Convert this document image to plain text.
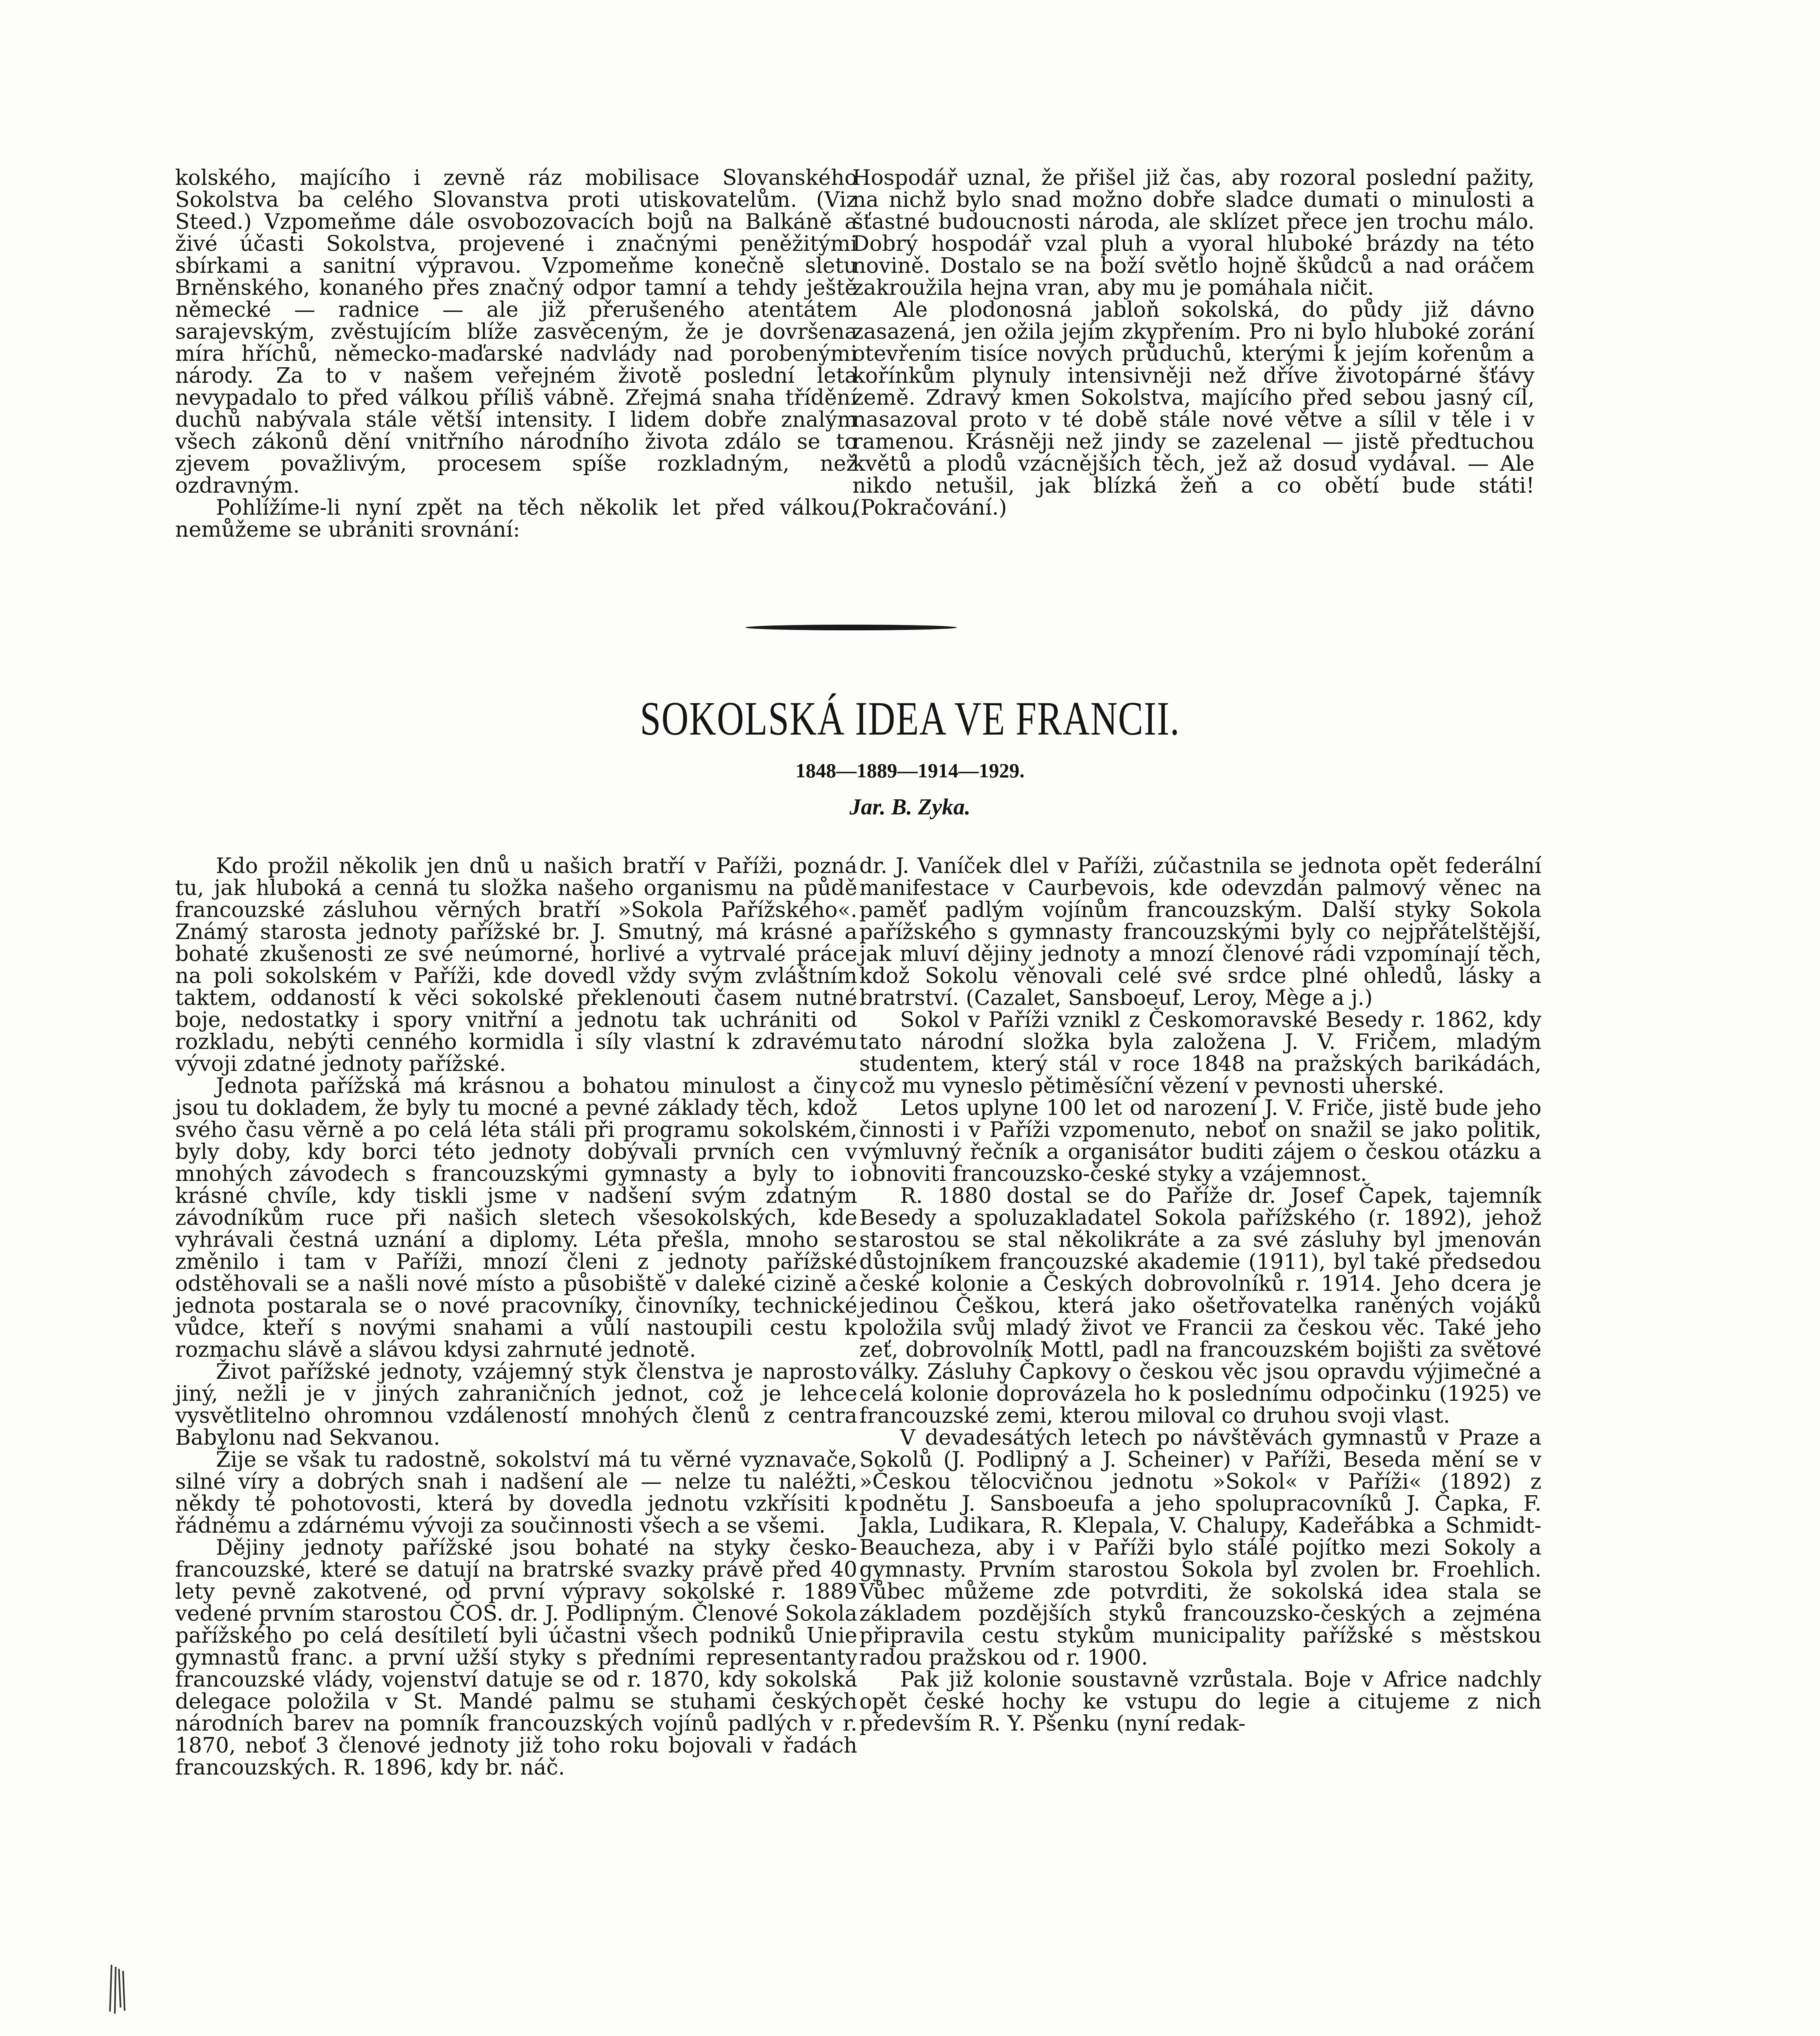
kolského, majícího i zevně ráz mobilisace Slovanského Sokolstva ba celého Slovanstva proti utiskovatelům. (Viz Steed.) Vzpomeňme dále osvobozovacích bojů na Balkáně a živé účasti Sokolstva, projevené i značnými peněžitými sbírkami a sanitní výpravou. Vzpomeňme konečně sletu Brněnského, konaného přes značný odpor tamní a tehdy ještě německé — radnice — ale již přerušeného atentátem sarajevským, zvěstujícím blíže zasvěceným, že je dovršena míra hříchů, německo-maďarské nadvlády nad porobenými národy. Za to v našem veřejném životě poslední leta nevypadalo to před válkou příliš vábně. Zřejmá snaha třídění duchů nabývala stále větší intensity. I lidem dobře znalým všech zákonů dění vnitřního národního života zdálo se to zjevem považlivým, procesem spíše rozkladným, než ozdravným.

Pohlížíme-li nyní zpět na těch několik let před válkou, nemůžeme se ubrániti srovnání:

Hospodář uznal, že přišel již čas, aby rozoral poslední pažity, na nichž bylo snad možno dobře sladce dumati o minulosti a šťastné budoucnosti národa, ale sklízet přece jen trochu málo. Dobrý hospodář vzal pluh a vyoral hluboké brázdy na této novině. Dostalo se na boží světlo hojně škůdců a nad oráčem zakroužila hejna vran, aby mu je pomáhala ničit.

Ale plodonosná jabloň sokolská, do půdy již dávno zasazená, jen ožila jejím zkypřením. Pro ni bylo hluboké zorání otevřením tisíce nových průduchů, kterými k jejím kořenům a kořínkům plynuly intensivněji než dříve životopárné šťávy země. Zdravý kmen Sokolstva, majícího před sebou jasný cíl, nasazoval proto v té době stále nové větve a sílil v těle i v ramenou. Krásněji než jindy se zazelenal — jistě předtuchou květů a plodů vzácnějších těch, jež až dosud vydával. — Ale nikdo netušil, jak blízká žeň a co obětí bude státi! (Pokračování.)

SOKOLSKÁ IDEA VE FRANCII.
1848—1889—1914—1929.
Jar. B. Zyka.

Kdo prožil několik jen dnů u našich bratří v Paříži, pozná tu, jak hluboká a cenná tu složka našeho organismu na půdě francouzské zásluhou věrných bratří »Sokola Pařížského«. Známý starosta jednoty pařížské br. J. Smutný, má krásné a bohaté zkušenosti ze své neúmorné, horlivé a vytrvalé práce na poli sokolském v Paříži, kde dovedl vždy svým zvláštním taktem, oddaností k věci sokolské překlenouti časem nutné boje, nedostatky i spory vnitřní a jednotu tak uchrániti od rozkladu, nebýti cenného kormidla i síly vlastní k zdravému vývoji zdatné jednoty pařížské.

Jednota pařížská má krásnou a bohatou minulost a činy jsou tu dokladem, že byly tu mocné a pevné základy těch, kdož svého času věrně a po celá léta stáli při programu sokolském, byly doby, kdy borci této jednoty dobývali prvních cen v mnohých závodech s francouzskými gymnasty a byly to i krásné chvíle, kdy tiskli jsme v nadšení svým zdatným závodníkům ruce při našich sletech všesokolských, kde vyhrávali čestná uznání a diplomy. Léta přešla, mnoho se změnilo i tam v Paříži, mnozí členi z jednoty pařížské odstěhovali se a našli nové místo a působiště v daleké cizině a jednota postarala se o nové pracovníky, činovníky, technické vůdce, kteří s novými snahami a vůlí nastoupili cestu k rozmachu slávě a slávou kdysi zahrnuté jednotě.

Život pařížské jednoty, vzájemný styk členstva je naprosto jiný, nežli je v jiných zahraničních jednot, což je lehce vysvětlitelno ohromnou vzdáleností mnohých členů z centra Babylonu nad Sekvanou.

Žije se však tu radostně, sokolství má tu věrné vyznavače, silné víry a dobrých snah i nadšení ale — nelze tu naléžti, někdy té pohotovosti, která by dovedla jednotu vzkřísiti k řádnému a zdárnému vývoji za součinnosti všech a se všemi.

Dějiny jednoty pařížské jsou bohaté na styky česko-francouzské, které se datují na bratrské svazky právě před 40 lety pevně zakotvené, od první výpravy sokolské r. 1889 vedené prvním starostou ČOS. dr. J. Podlipným. Členové Sokola pařížského po celá desítiletí byli účastni všech podniků Unie gymnastů franc. a první užší styky s předními representanty francouzské vlády, vojenství datuje se od r. 1870, kdy sokolská delegace položila v St. Mandé palmu se stuhami českých národních barev na pomník francouzských vojínů padlých v r. 1870, neboť 3 členové jednoty již toho roku bojovali v řadách francouzských. R. 1896, kdy br. náč.

dr. J. Vaníček dlel v Paříži, zúčastnila se jednota opět federální manifestace v Caurbevois, kde odevzdán palmový věnec na paměť padlým vojínům francouzským. Další styky Sokola pařížského s gymnasty francouzskými byly co nejpřátelštější, jak mluví dějiny jednoty a mnozí členové rádi vzpomínají těch, kdož Sokolu věnovali celé své srdce plné ohledů, lásky a bratrství. (Cazalet, Sansboeuf, Leroy, Mège a j.)

Sokol v Paříži vznikl z Českomoravské Besedy r. 1862, kdy tato národní složka byla založena J. V. Fričem, mladým studentem, který stál v roce 1848 na pražských barikádách, což mu vyneslo pětiměsíční vězení v pevnosti uherské.

Letos uplyne 100 let od narození J. V. Friče, jistě bude jeho činnosti i v Paříži vzpomenuto, neboť on snažil se jako politik, výmluvný řečník a organisátor buditi zájem o českou otázku a obnoviti francouzsko-české styky a vzájemnost.

R. 1880 dostal se do Paříže dr. Josef Čapek, tajemník Besedy a spoluzakladatel Sokola pařížského (r. 1892), jehož starostou se stal několikráte a za své zásluhy byl jmenován důstojníkem francouzské akademie (1911), byl také předsedou české kolonie a Českých dobrovolníků r. 1914. Jeho dcera je jedinou Češkou, která jako ošetřovatelka raněných vojáků položila svůj mladý život ve Francii za českou věc. Také jeho zeť, dobrovolník Mottl, padl na francouzském bojišti za světové války. Zásluhy Čapkovy o českou věc jsou opravdu výjimečné a celá kolonie doprovázela ho k poslednímu odpočinku (1925) ve francouzské zemi, kterou miloval co druhou svoji vlast.

V devadesátých letech po návštěvách gymnastů v Praze a Sokolů (J. Podlipný a J. Scheiner) v Paříži, Beseda mění se v »Českou tělocvičnou jednotu »Sokol« v Paříži« (1892) z podnětu J. Sansboeufa a jeho spolupracovníků J. Čapka, F. Jakla, Ludikara, R. Klepala, V. Chalupy, Kadeřábka a Schmidt-Beaucheza, aby i v Paříži bylo stálé pojítko mezi Sokoly a gymnasty. Prvním starostou Sokola byl zvolen br. Froehlich. Vůbec můžeme zde potvrditi, že sokolská idea stala se základem pozdějších styků francouzsko-českých a zejména připravila cestu stykům municipality pařížské s městskou radou pražskou od r. 1900.

Pak již kolonie soustavně vzrůstala. Boje v Africe nadchly opět české hochy ke vstupu do legie a citujeme z nich především R. Y. Pšenku (nyní redak-
